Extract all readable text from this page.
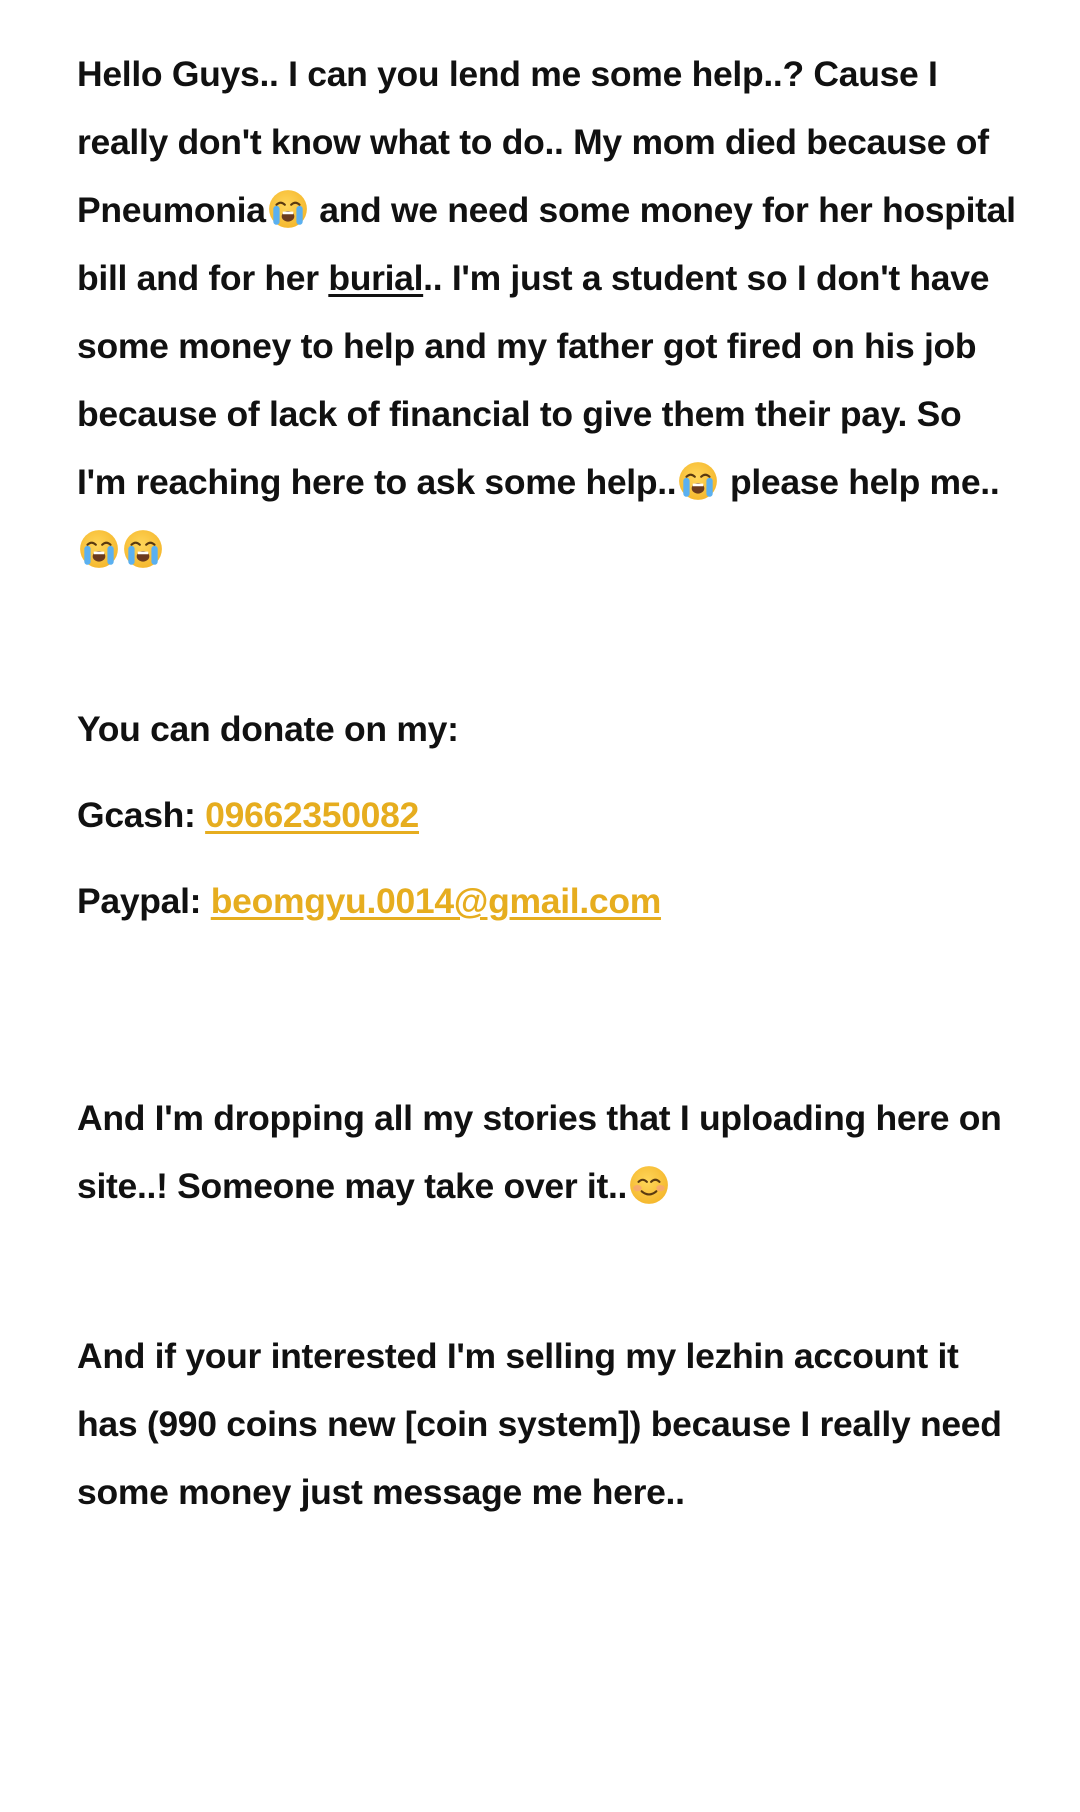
Hello Guys.. I can you lend me some help..? Cause I really don't know what to do.. My mom died because of Pneumonia
and we need some money for her hospital bill and for her burial.. I'm just a student so I don't have some money to help and my father got fired on his job because of lack of financial to give them their pay. So I'm reaching here to ask some help..
please help me..

You can donate on my:

Gcash: 09662350082

Paypal: beomgyu.0014@gmail.com

And I'm dropping all my stories that I uploading here on site..! Someone may take over it..

And if your interested I'm selling my lezhin account it has (990 coins new [coin system]) because I really need some money just message me here..
